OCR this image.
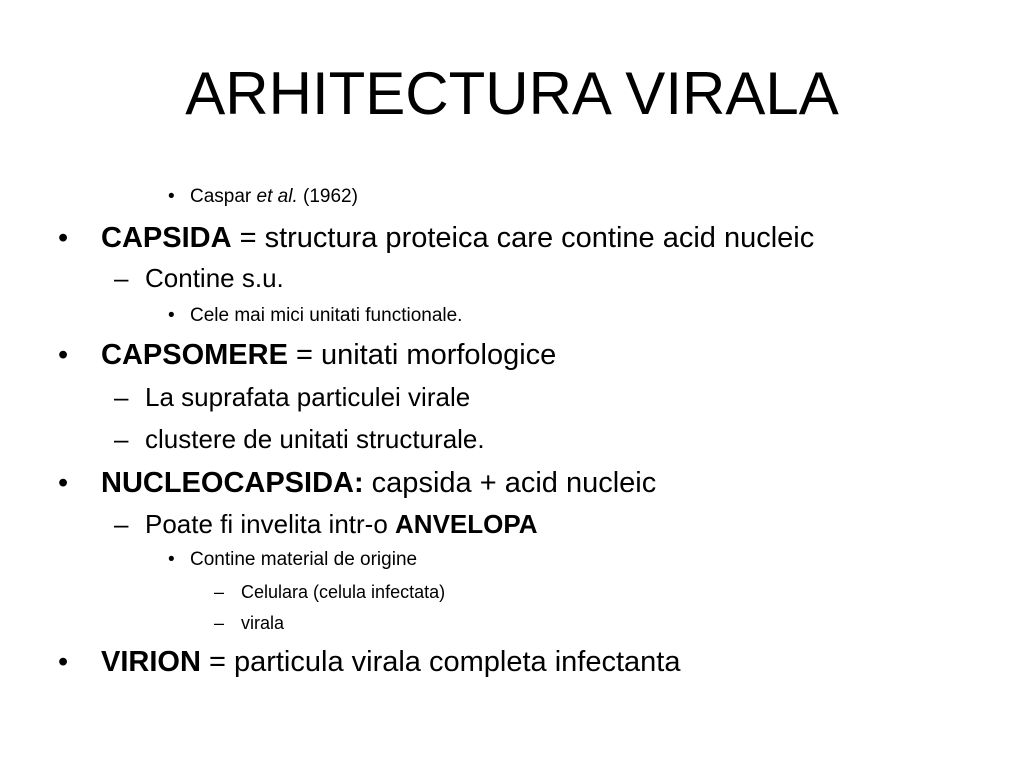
ARHITECTURA VIRALA
• Caspar et al. (1962)
• CAPSIDA = structura proteica care contine acid nucleic
– Contine s.u.
• Cele mai mici unitati functionale.
• CAPSOMERE = unitati morfologice
– La suprafata particulei virale
– clustere de unitati structurale.
• NUCLEOCAPSIDA: capsida + acid nucleic
– Poate fi invelita intr-o ANVELOPA
• Contine material de origine
– Celulara (celula infectata)
– virala
• VIRION = particula virala completa infectanta
